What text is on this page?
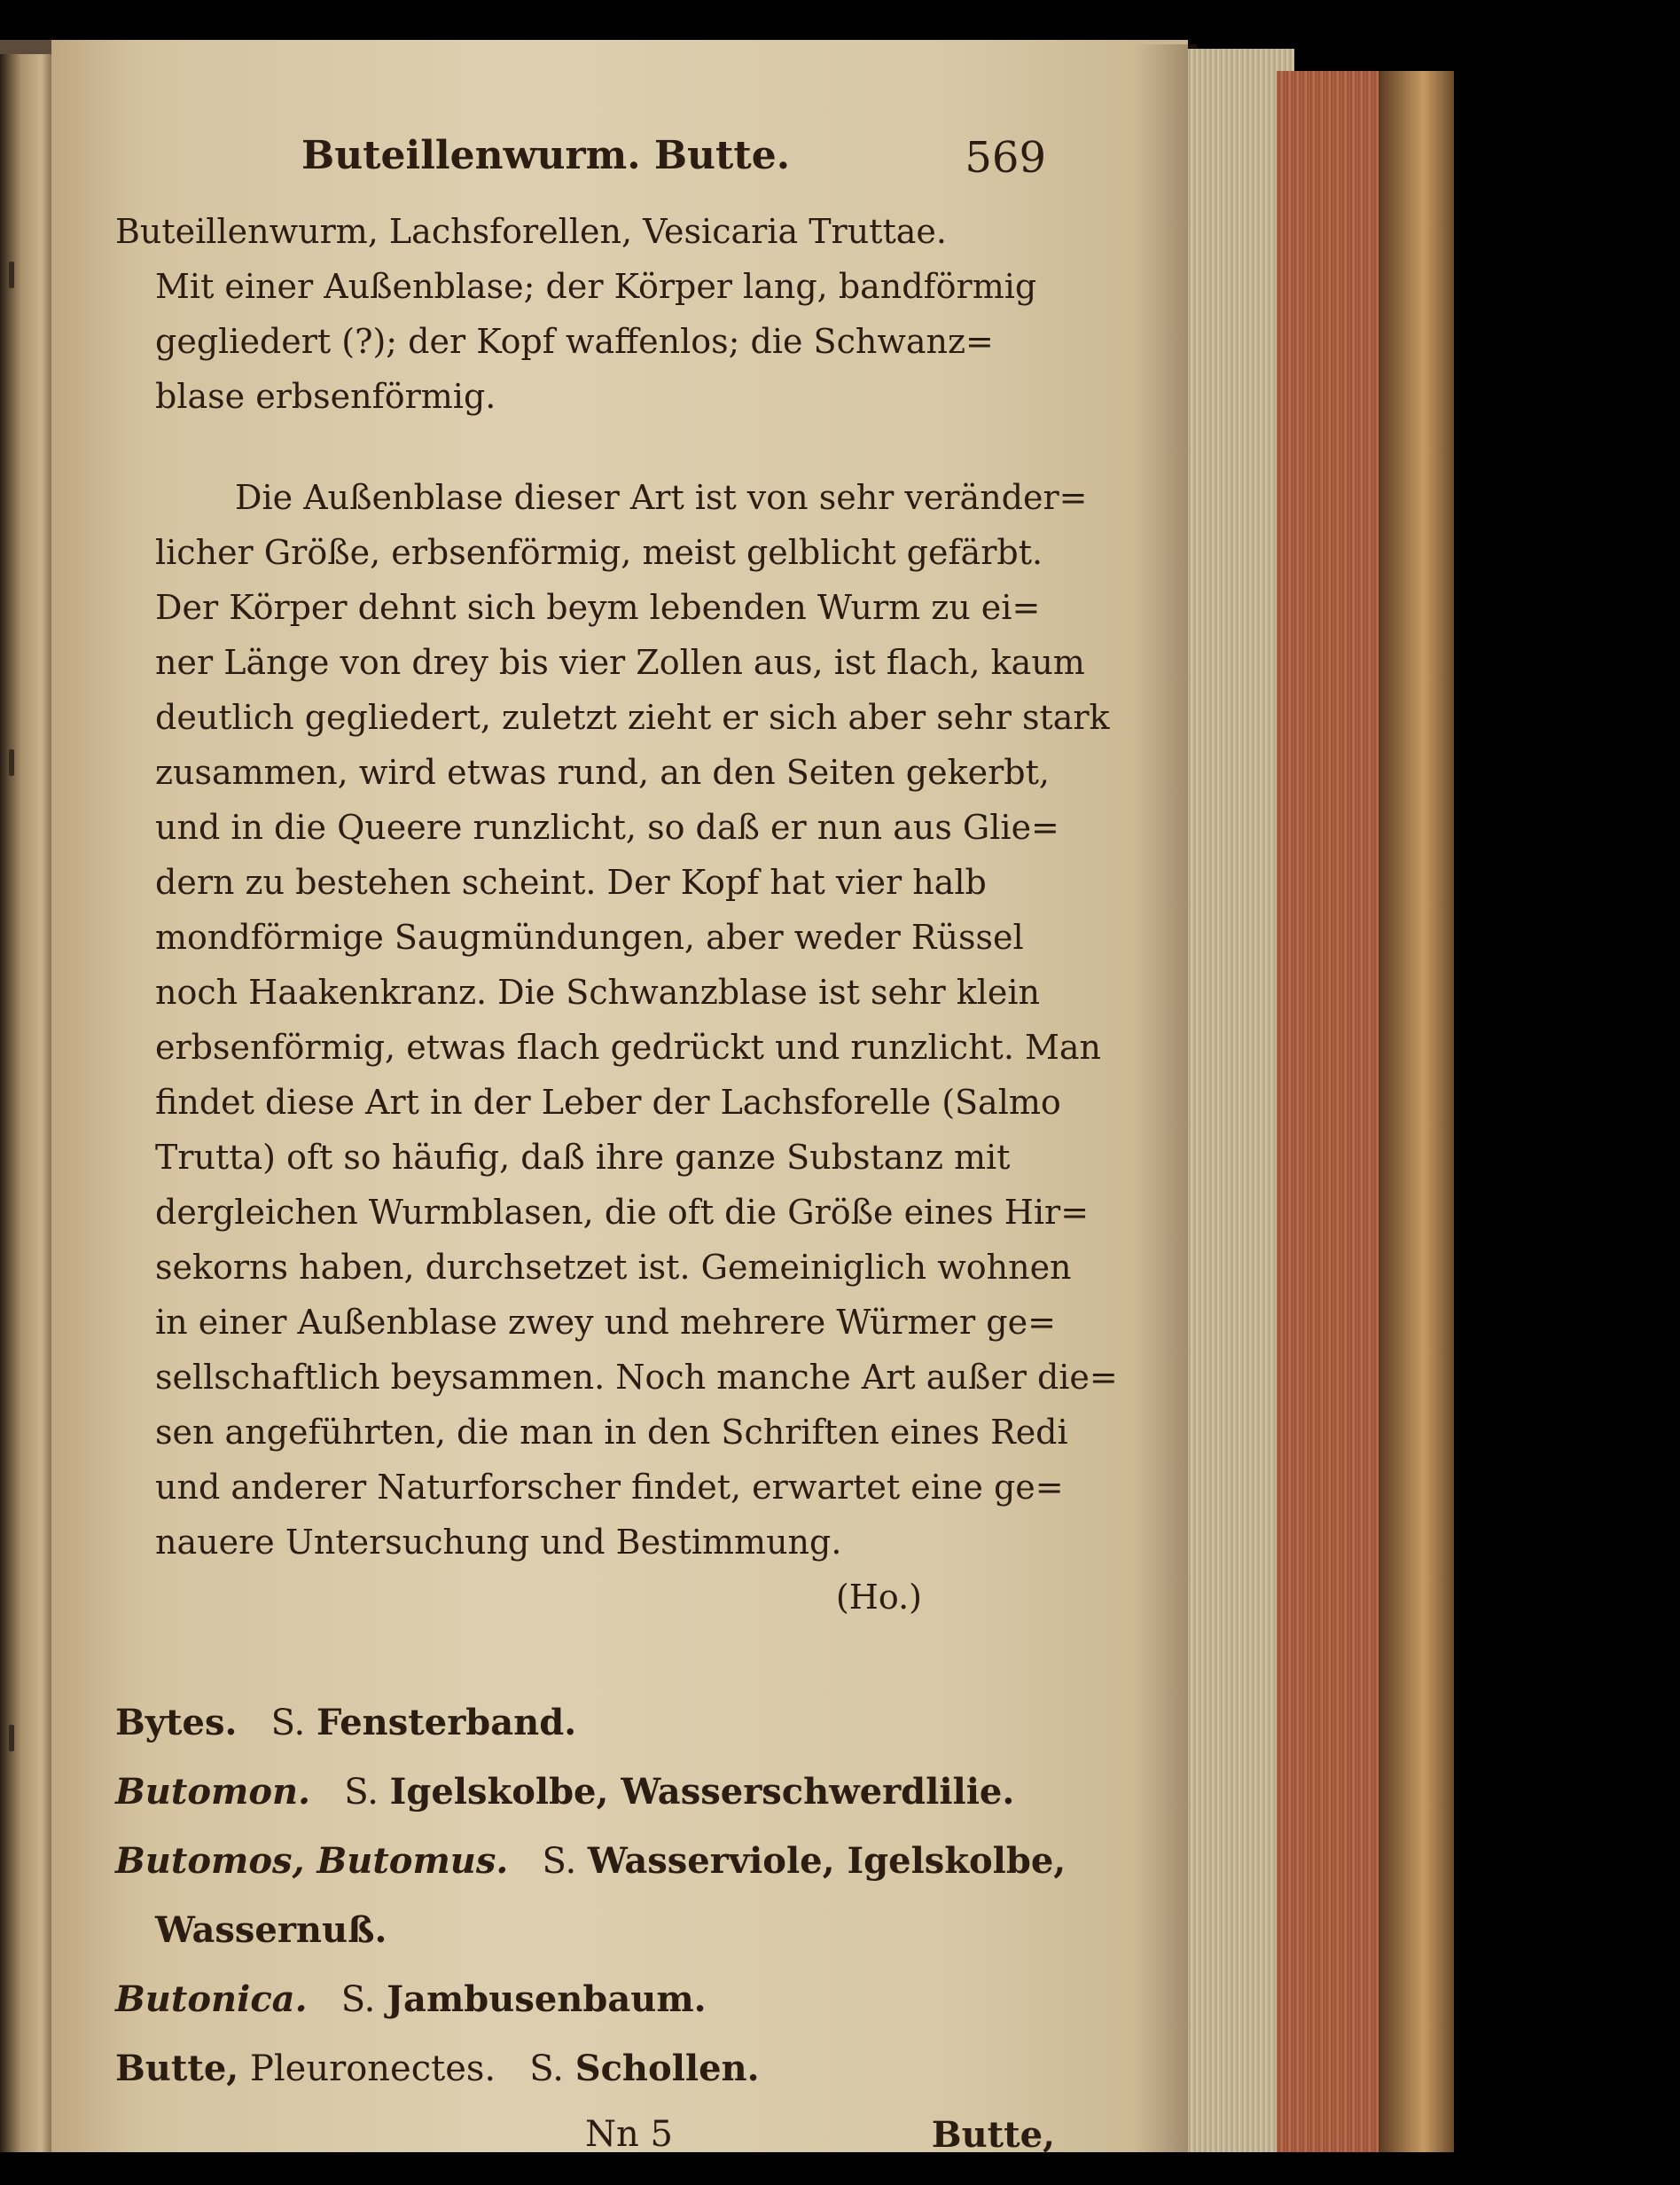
Buteillenwurm. Butte.	569
Buteillenwurm, Lachsforellen, Vesicaria Truttae.
Mit einer Außenblase; der Körper lang, bandförmig
gegliedert (?); der Kopf waffenlos; die Schwanz=
blase erbsenförmig.
Die Außenblase dieser Art ist von sehr veränder=
licher Größe, erbsenförmig, meist gelblicht gefärbt.
Der Körper dehnt sich beym lebenden Wurm zu ei=
ner Länge von drey bis vier Zollen aus, ist flach, kaum
deutlich gegliedert, zuletzt zieht er sich aber sehr stark
zusammen, wird etwas rund, an den Seiten gekerbt,
und in die Queere runzlicht, so daß er nun aus Glie=
dern zu bestehen scheint. Der Kopf hat vier halb
mondförmige Saugmündungen, aber weder Rüssel
noch Haakenkranz. Die Schwanzblase ist sehr klein
erbsenförmig, etwas flach gedrückt und runzlicht. Man
findet diese Art in der Leber der Lachsforelle (Salmo
Trutta) oft so häufig, daß ihre ganze Substanz mit
dergleichen Wurmblasen, die oft die Größe eines Hir=
sekorns haben, durchsetzet ist. Gemeiniglich wohnen
in einer Außenblase zwey und mehrere Würmer ge=
sellschaftlich beysammen. Noch manche Art außer die=
sen angeführten, die man in den Schriften eines Redi
und anderer Naturforscher findet, erwartet eine ge=
nauere Untersuchung und Bestimmung.
(Ho.)
Bytes. S. Fensterband.
Butomon. S. Igelskolbe, Wasserschwerdlilie.
Butomos, Butomus. S. Wasserviole, Igelskolbe,
Wassernuß.
Butonica. S. Jambusenbaum.
Butte, Pleuronectes. S. Schollen.
Nn 5	Butte,
